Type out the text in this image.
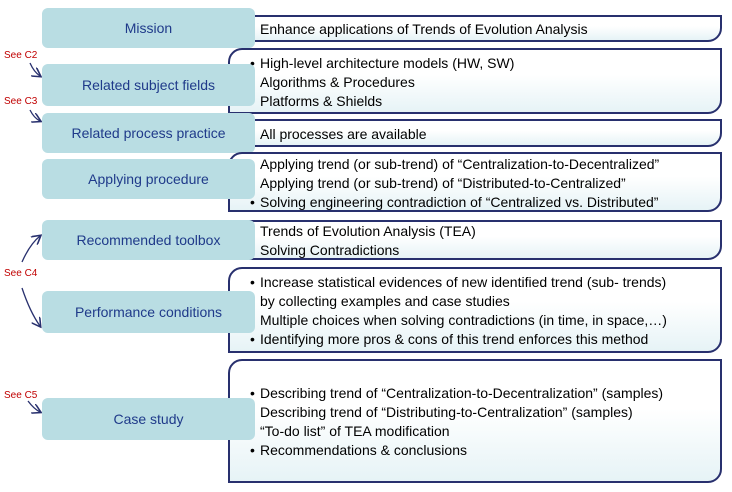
See C2
See C3
See C4
See C5
• Enhance applications of Trends of Evolution Analysis
Mission
• High-level architecture models (HW, SW)
• Algorithms & Procedures
• Platforms & Shields
Related subject fields
• All processes are available
Related process practice
• Applying trend (or sub-trend) of “Centralization-to-Decentralized”
• Applying trend (or sub-trend) of “Distributed-to-Centralized”
• Solving engineering contradiction of “Centralized vs. Distributed”
Applying procedure
• Trends of Evolution Analysis (TEA)
• Solving Contradictions
Recommended toolbox
• Increase statistical evidences of new identified trend (sub- trends)
by collecting examples and case studies
• Multiple choices when solving contradictions (in time, in space,…)
• Identifying more pros & cons of this trend enforces this method
Performance conditions
• Describing trend of “Centralization-to-Decentralization” (samples)
• Describing trend of “Distributing-to-Centralization” (samples)
• “To-do list” of TEA modification
• Recommendations & conclusions
Case study
